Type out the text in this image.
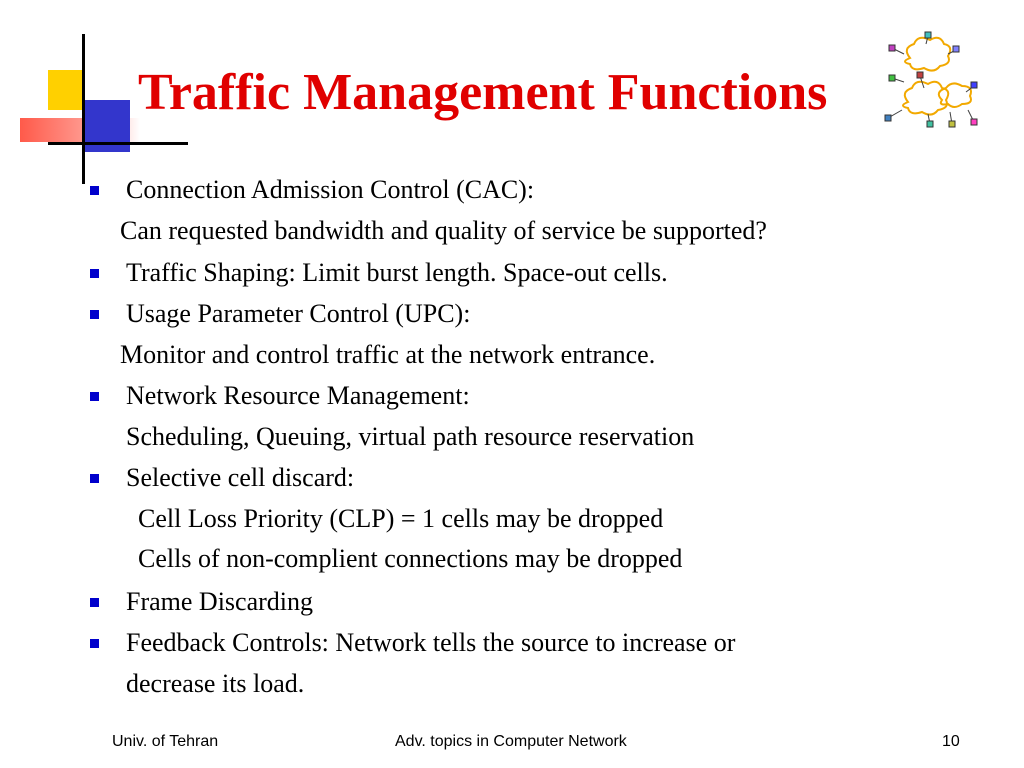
Traffic Management Functions
Connection Admission Control (CAC):
Can requested bandwidth and quality of service be supported?
Traffic Shaping: Limit burst length. Space-out cells.
Usage Parameter Control (UPC):
Monitor and control traffic at the network entrance.
Network Resource Management:
Scheduling, Queuing, virtual path resource reservation
Selective cell discard:
Cell Loss Priority (CLP) = 1 cells may be dropped
Cells of non-complient connections may be dropped
Frame Discarding
Feedback Controls: Network tells the source to increase or
decrease its load.
Univ. of Tehran	Adv. topics in Computer Network	10
